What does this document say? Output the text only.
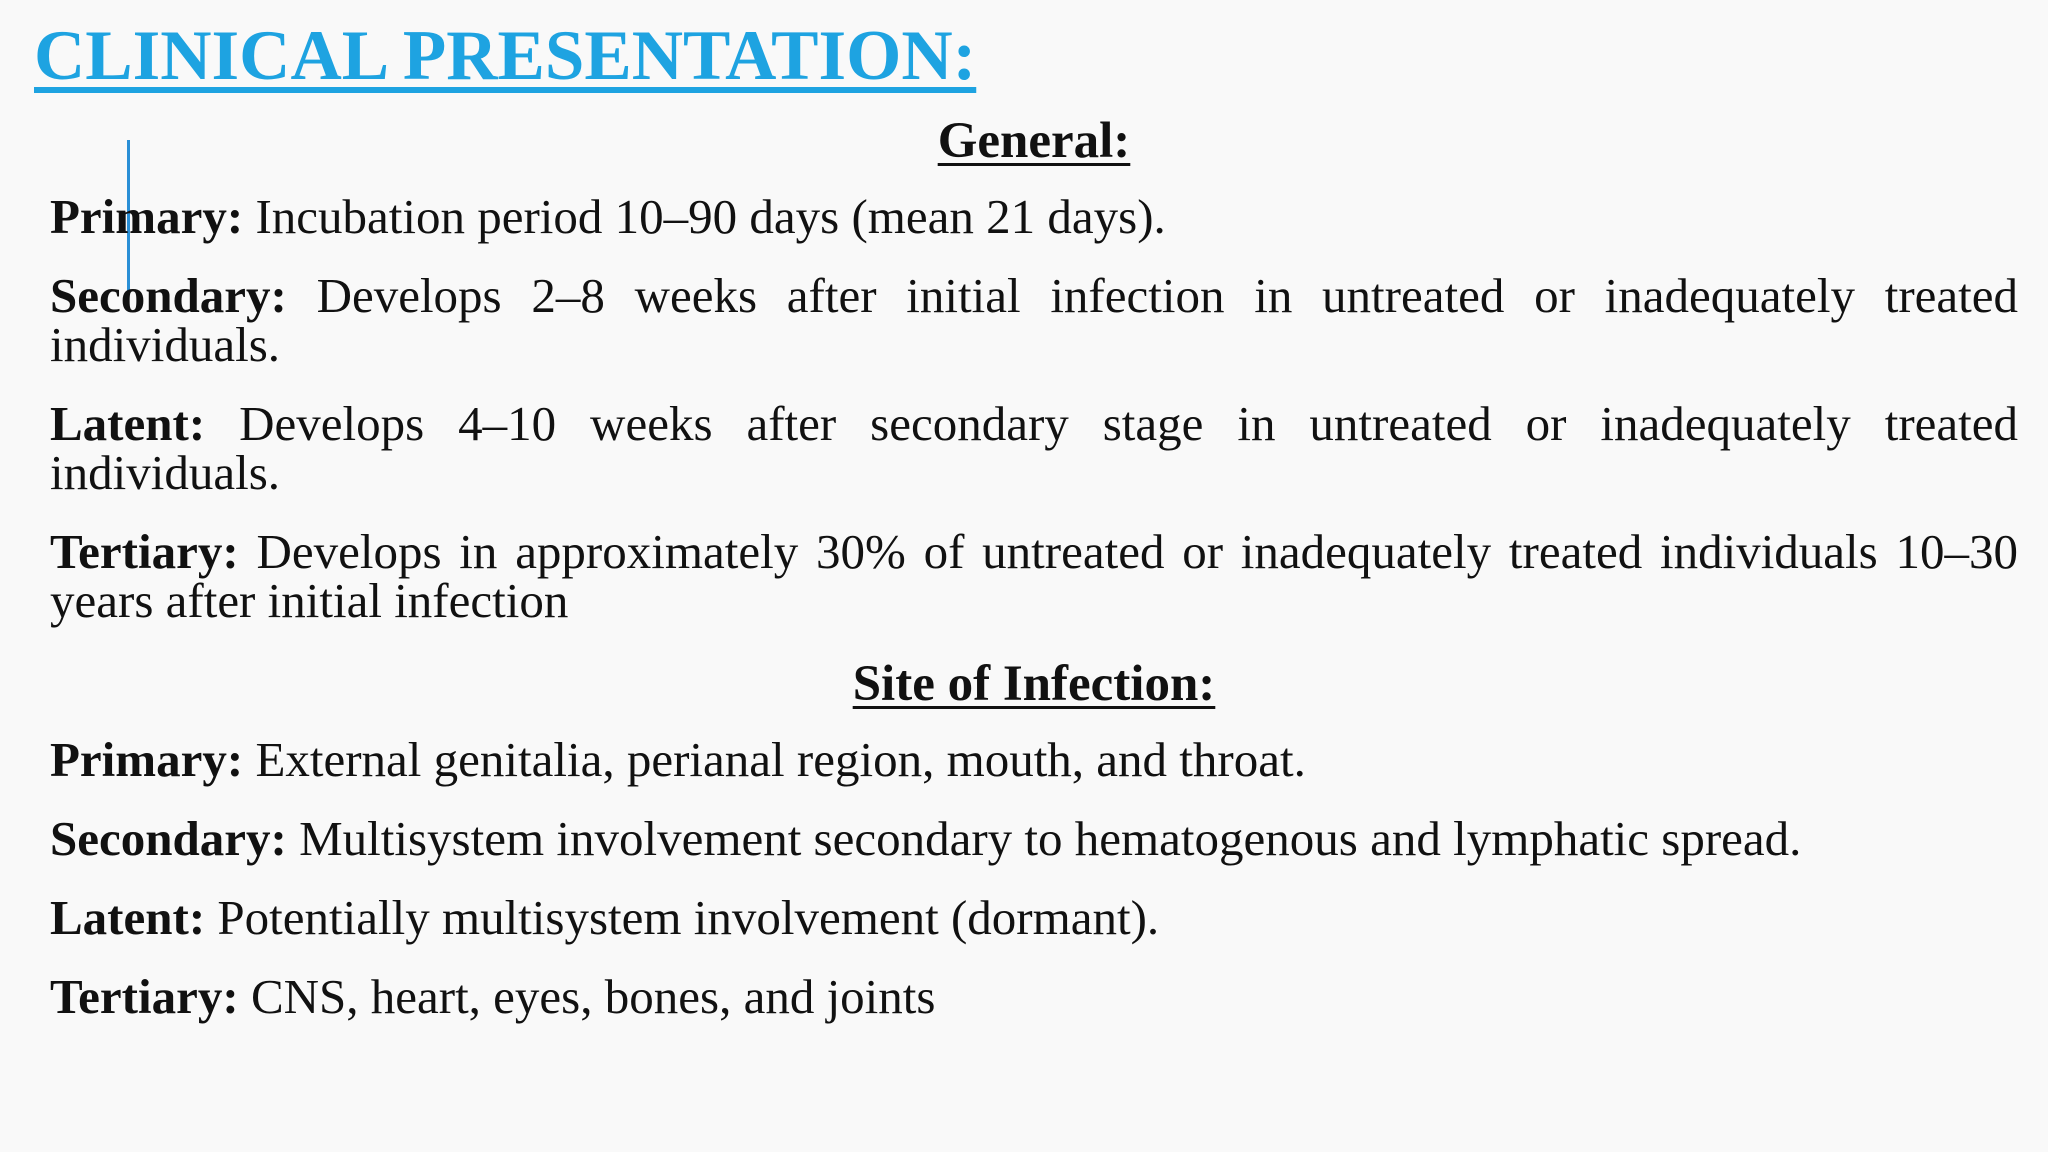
CLINICAL PRESENTATION:
General:

Primary: Incubation period 10–90 days (mean 21 days).

Secondary: Develops 2–8 weeks after initial infection in untreated or inadequately treated individuals.

Latent: Develops 4–10 weeks after secondary stage in untreated or inadequately treated individuals.

Tertiary: Develops in approximately 30% of untreated or inadequately treated individuals 10–30 years after initial infection

Site of Infection:

Primary: External genitalia, perianal region, mouth, and throat.

Secondary: Multisystem involvement secondary to hematogenous and lymphatic spread.

Latent: Potentially multisystem involvement (dormant).

Tertiary: CNS, heart, eyes, bones, and joints
